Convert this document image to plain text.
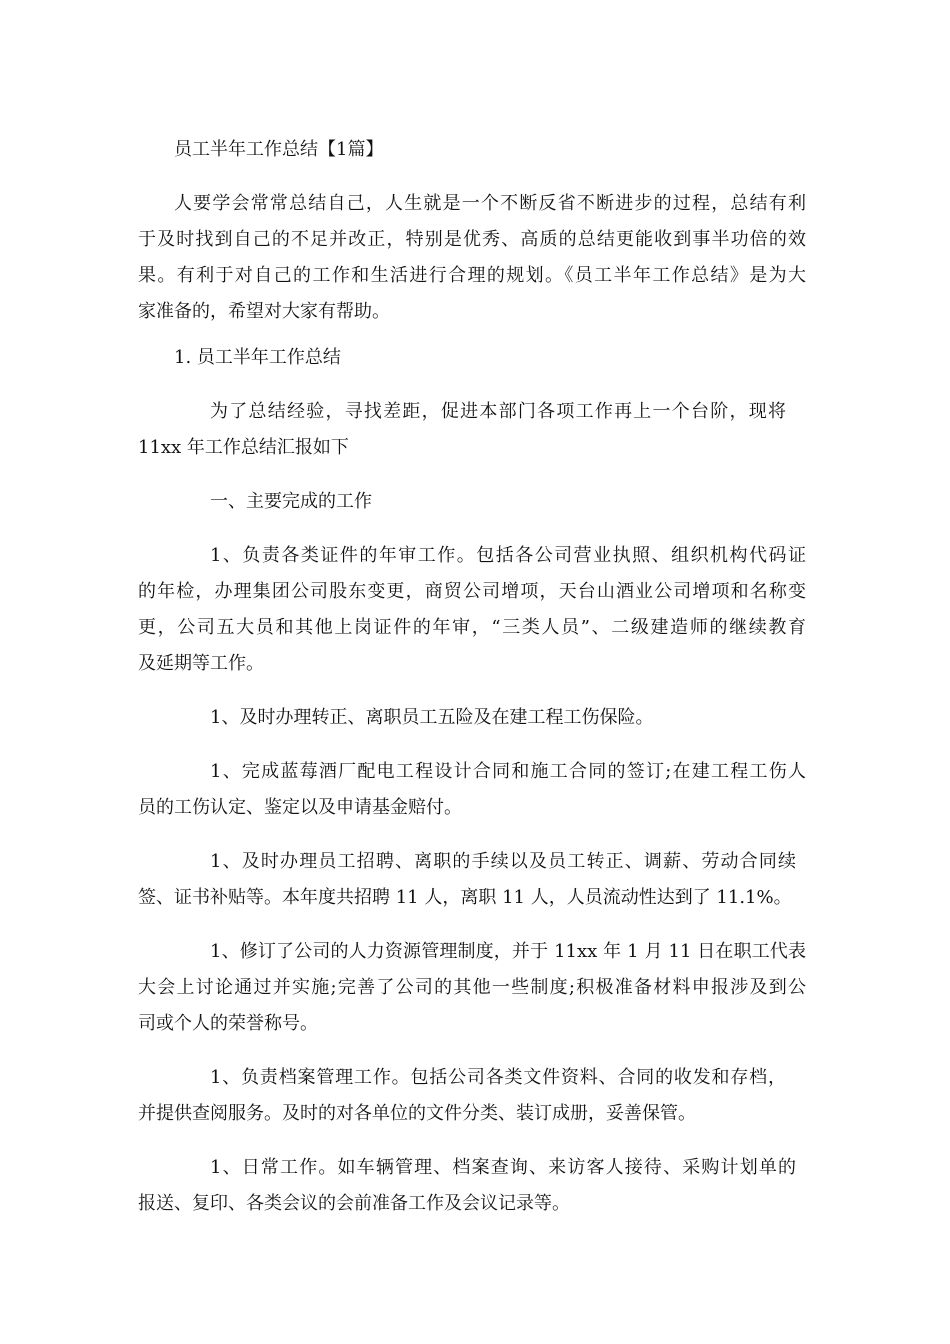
员工半年工作总结【1篇】
人要学会常常总结自己，人生就是一个不断反省不断进步的过程，总结有利
于及时找到自己的不足并改正，特别是优秀、高质的总结更能收到事半功倍的效
果。有利于对自己的工作和生活进行合理的规划。《员工半年工作总结》是为大
家准备的，希望对大家有帮助。
1. 员工半年工作总结
为了总结经验，寻找差距，促进本部门各项工作再上一个台阶，现将
11xx 年工作总结汇报如下
一、主要完成的工作
1、负责各类证件的年审工作。包括各公司营业执照、组织机构代码证
的年检，办理集团公司股东变更，商贸公司增项，天台山酒业公司增项和名称变
更，公司五大员和其他上岗证件的年审，“三类人员”、二级建造师的继续教育
及延期等工作。
1、及时办理转正、离职员工五险及在建工程工伤保险。
1、完成蓝莓酒厂配电工程设计合同和施工合同的签订;在建工程工伤人
员的工伤认定、鉴定以及申请基金赔付。
1、及时办理员工招聘、离职的手续以及员工转正、调薪、劳动合同续
签、证书补贴等。本年度共招聘 11 人，离职 11 人，人员流动性达到了 11.1%。
1、修订了公司的人力资源管理制度，并于 11xx 年 1 月 11 日在职工代表
大会上讨论通过并实施;完善了公司的其他一些制度;积极准备材料申报涉及到公
司或个人的荣誉称号。
1、负责档案管理工作。包括公司各类文件资料、合同的收发和存档，
并提供查阅服务。及时的对各单位的文件分类、装订成册，妥善保管。
1、日常工作。如车辆管理、档案查询、来访客人接待、采购计划单的
报送、复印、各类会议的会前准备工作及会议记录等。
